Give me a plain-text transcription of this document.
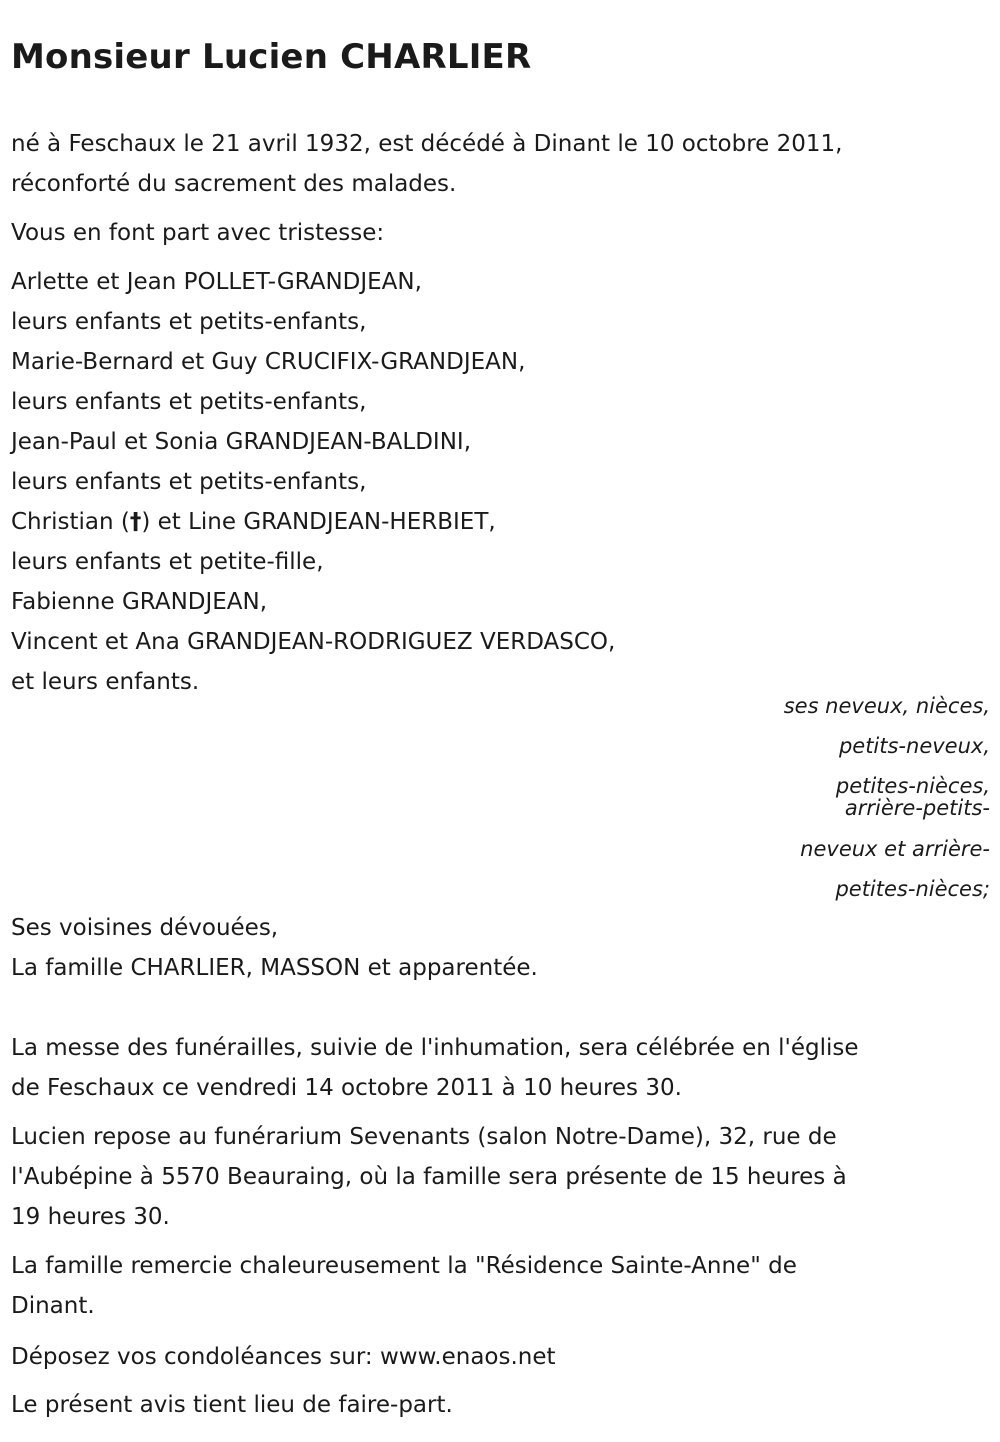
Monsieur Lucien CHARLIER
né à Feschaux le 21 avril 1932, est décédé à Dinant le 10 octobre 2011,
réconforté du sacrement des malades.
Vous en font part avec tristesse:
Arlette et Jean POLLET-GRANDJEAN,
leurs enfants et petits-enfants,
Marie-Bernard et Guy CRUCIFIX-GRANDJEAN,
leurs enfants et petits-enfants,
Jean-Paul et Sonia GRANDJEAN-BALDINI,
leurs enfants et petits-enfants,
Christian (†) et Line GRANDJEAN-HERBIET,
leurs enfants et petite-fille,
Fabienne GRANDJEAN,
Vincent et Ana GRANDJEAN-RODRIGUEZ VERDASCO,
et leurs enfants.
ses neveux, nièces,
petits-neveux,
petites-nièces,
arrière-petits-
neveux et arrière-
petites-nièces;
Ses voisines dévouées,
La famille CHARLIER, MASSON et apparentée.
La messe des funérailles, suivie de l'inhumation, sera célébrée en l'église
de Feschaux ce vendredi 14 octobre 2011 à 10 heures 30.
Lucien repose au funérarium Sevenants (salon Notre-Dame), 32, rue de
l'Aubépine à 5570 Beauraing, où la famille sera présente de 15 heures à
19 heures 30.
La famille remercie chaleureusement la "Résidence Sainte-Anne" de
Dinant.
Déposez vos condoléances sur: www.enaos.net
Le présent avis tient lieu de faire-part.
